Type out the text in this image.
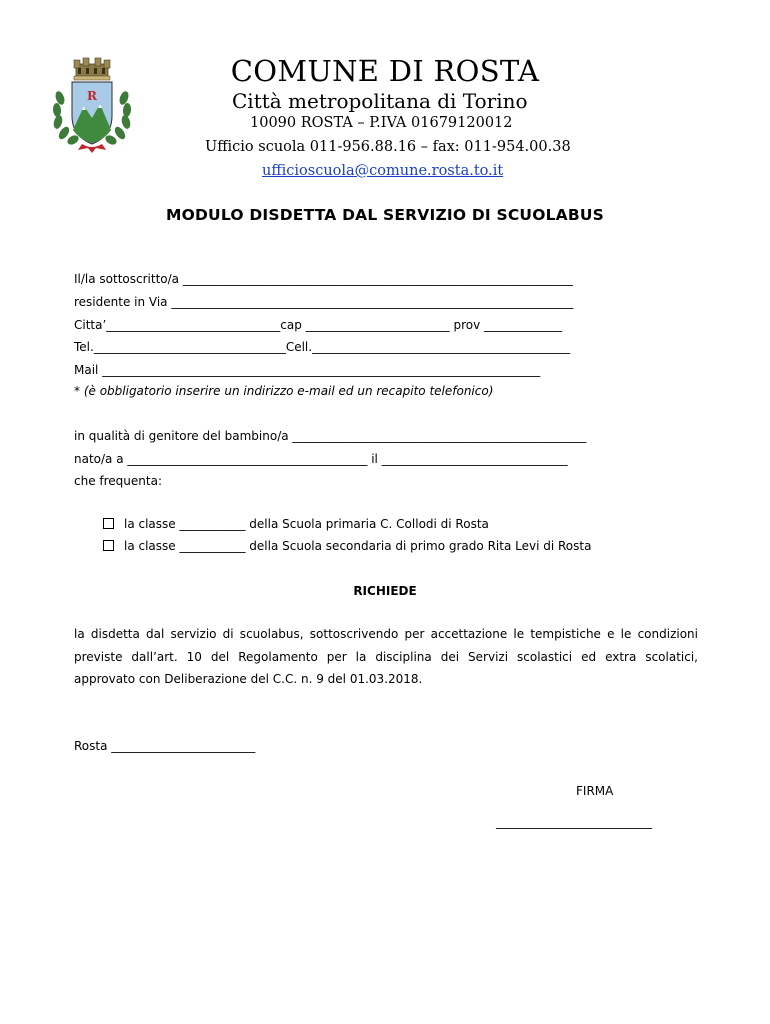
R
COMUNE DI ROSTA
Città metropolitana di Torino
10090 ROSTA – P.IVA 01679120012
Ufficio scuola 011-956.88.16 – fax: 011-954.00.38
ufficioscuola@comune.rosta.to.it
MODULO DISDETTA DAL SERVIZIO DI SCUOLABUS
Il/la sottoscritto/a _________________________________________________________________
residente in Via ___________________________________________________________________
Citta’_____________________________cap ________________________ prov _____________
Tel.________________________________Cell.___________________________________________
Mail _________________________________________________________________________
* (è obbligatorio inserire un indirizzo e-mail ed un recapito telefonico)
in qualità di genitore del bambino/a _________________________________________________
nato/a a ________________________________________ il _______________________________
che frequenta:
la classe ___________ della Scuola primaria C. Collodi di Rosta
la classe ___________ della Scuola secondaria di primo grado Rita Levi di Rosta
RICHIEDE
la disdetta dal servizio di scuolabus, sottoscrivendo per accettazione le tempistiche e le condizioni
previste dall’art. 10 del Regolamento per la disciplina dei Servizi scolastici ed extra scolatici,
approvato con Deliberazione del C.C. n. 9 del 01.03.2018.
Rosta ________________________
FIRMA
__________________________
